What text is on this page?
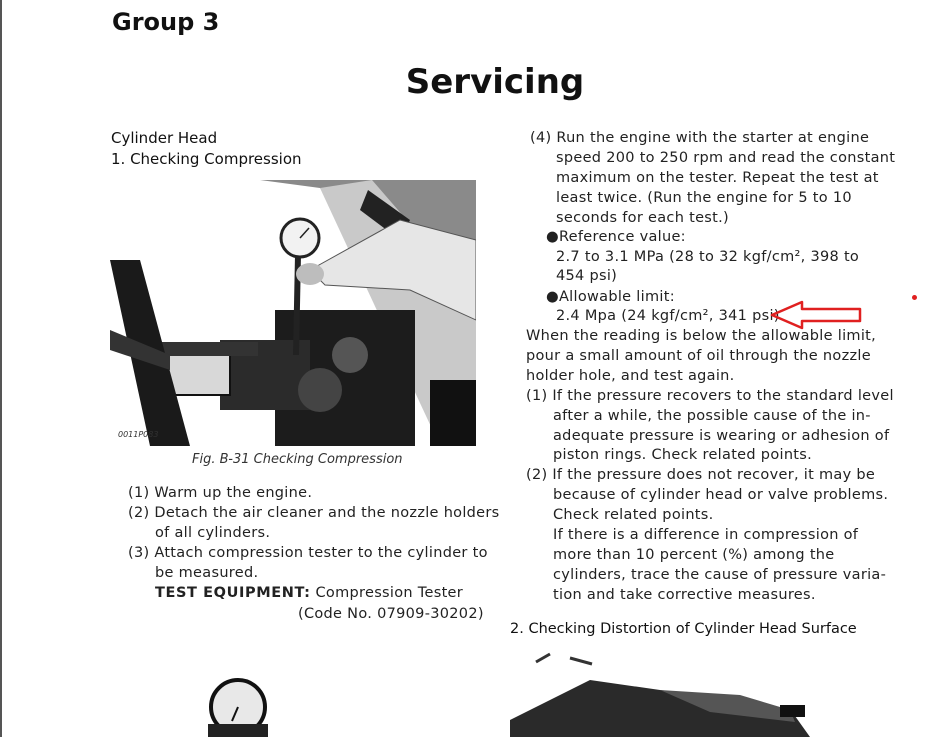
Group 3
Servicing
Cylinder Head
1. Checking Compression
0011P083
Fig. B-31 Checking Compression
(1) Warm up the engine.
(2) Detach the air cleaner and the nozzle holders
of all cylinders.
(3) Attach compression tester to the cylinder to
be measured.
TEST EQUIPMENT: Compression Tester
(Code No. 07909-30202)
(4) Run the engine with the starter at engine
speed 200 to 250 rpm and read the constant
maximum on the tester. Repeat the test at
least twice. (Run the engine for 5 to 10
seconds for each test.)
●Reference value:
2.7 to 3.1 MPa (28 to 32 kgf/cm², 398 to
454 psi)
●Allowable limit:
2.4 Mpa (24 kgf/cm², 341 psi)
When the reading is below the allowable limit,
pour a small amount of oil through the nozzle
holder hole, and test again.
(1) If the pressure recovers to the standard level
after a while, the possible cause of the in-
adequate pressure is wearing or adhesion of
piston rings. Check related points.
(2) If the pressure does not recover, it may be
because of cylinder head or valve problems.
Check related points.
If there is a difference in compression of
more than 10 percent (%) among the
cylinders, trace the cause of pressure varia-
tion and take corrective measures.
2. Checking Distortion of Cylinder Head Surface
